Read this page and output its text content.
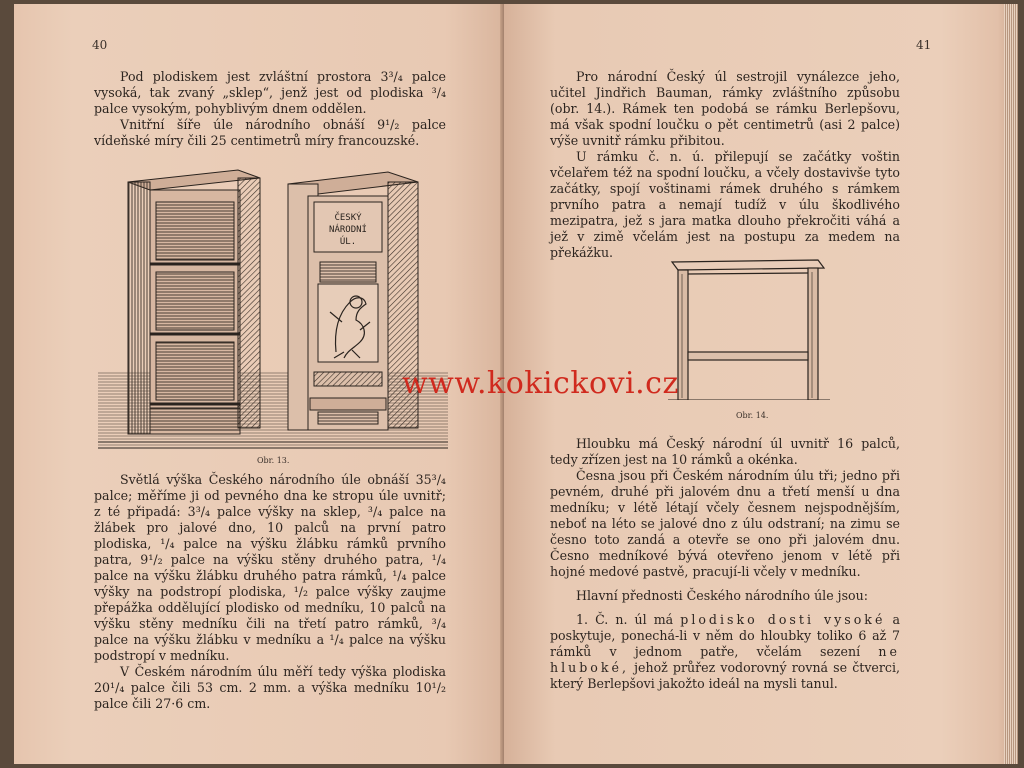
40

Pod plodiskem jest zvláštní prostora 3³/₄ palce vysoká, tak zvaný „sklep“, jenž jest od plodiska ³/₄ palce vysokým, pohyblivým dnem oddělen.

Vnitřní šíře úle národního obnáší 9¹/₂ palce vídeňské míry čili 25 centimetrů míry francouzské.

ČESKÝ
NÁRODNÍ
ÚL.
Obr. 13.

Světlá výška Českého národního úle obnáší 35³/₄ palce; měříme ji od pevného dna ke stropu úle uvnitř; z té připadá: 3³/₄ palce výšky na sklep, ³/₄ palce na žlábek pro jalové dno, 10 palců na první patro plodiska, ¹/₄ palce na výšku žlábku rámků prvního patra, 9¹/₂ palce na výšku stěny druhého patra, ¹/₄ palce na výšku žlábku druhého patra rámků, ¹/₄ palce výšky na podstropí plodiska, ¹/₂ palce výšky zaujme přepážka oddělující plodisko od medníku, 10 palců na výšku stěny medníku čili na třetí patro rámků, ³/₄ palce na výšku žlábku v medníku a ¹/₄ palce na výšku podstropí v medníku.

V Českém národním úlu měří tedy výška plodiska 20¹/₄ palce čili 53 cm. 2 mm. a výška medníku 10¹/₂ palce čili 27·6 cm.

41

Pro národní Český úl sestrojil vynálezce jeho, učitel Jindřich Bauman, rámky zvláštního způsobu (obr. 14.). Rámek ten podobá se rámku Berlepšovu, má však spodní loučku o pět centimetrů (asi 2 palce) výše uvnitř rámku přibitou.

U rámku č. n. ú. přilepují se začátky voštin včelařem též na spodní loučku, a včely dostavivše tyto začátky, spojí voštinami rámek druhého s rámkem prvního patra a nemají tudíž v úlu škodlivého mezipatra, jež s jara matka dlouho překročiti váhá a jež v zimě včelám jest na postupu za medem na překážku.

Obr. 14.

Hloubku má Český národní úl uvnitř 16 palců, tedy zřízen jest na 10 rámků a okénka.

Česna jsou při Českém národním úlu tři; jedno při pevném, druhé při jalovém dnu a třetí menší u dna medníku; v létě létají včely česnem nejspodnějším, neboť na léto se jalové dno z úlu odstraní; na zimu se česno toto zandá a otevře se ono při jalovém dnu. Česno medníkové bývá otevřeno jenom v létě při hojné medové pastvě, pracují-li včely v medníku.

Hlavní přednosti Českého národního úle jsou:

1. Č. n. úl má plodisko dosti vysoké a poskytuje, ponechá-li v něm do hloubky toliko 6 až 7 rámků v jednom patře, včelám sezení ne hluboké, jehož průřez vodorovný rovná se čtverci, který Berlepšovi jakožto ideál na mysli tanul.

www.kokickovi.cz
